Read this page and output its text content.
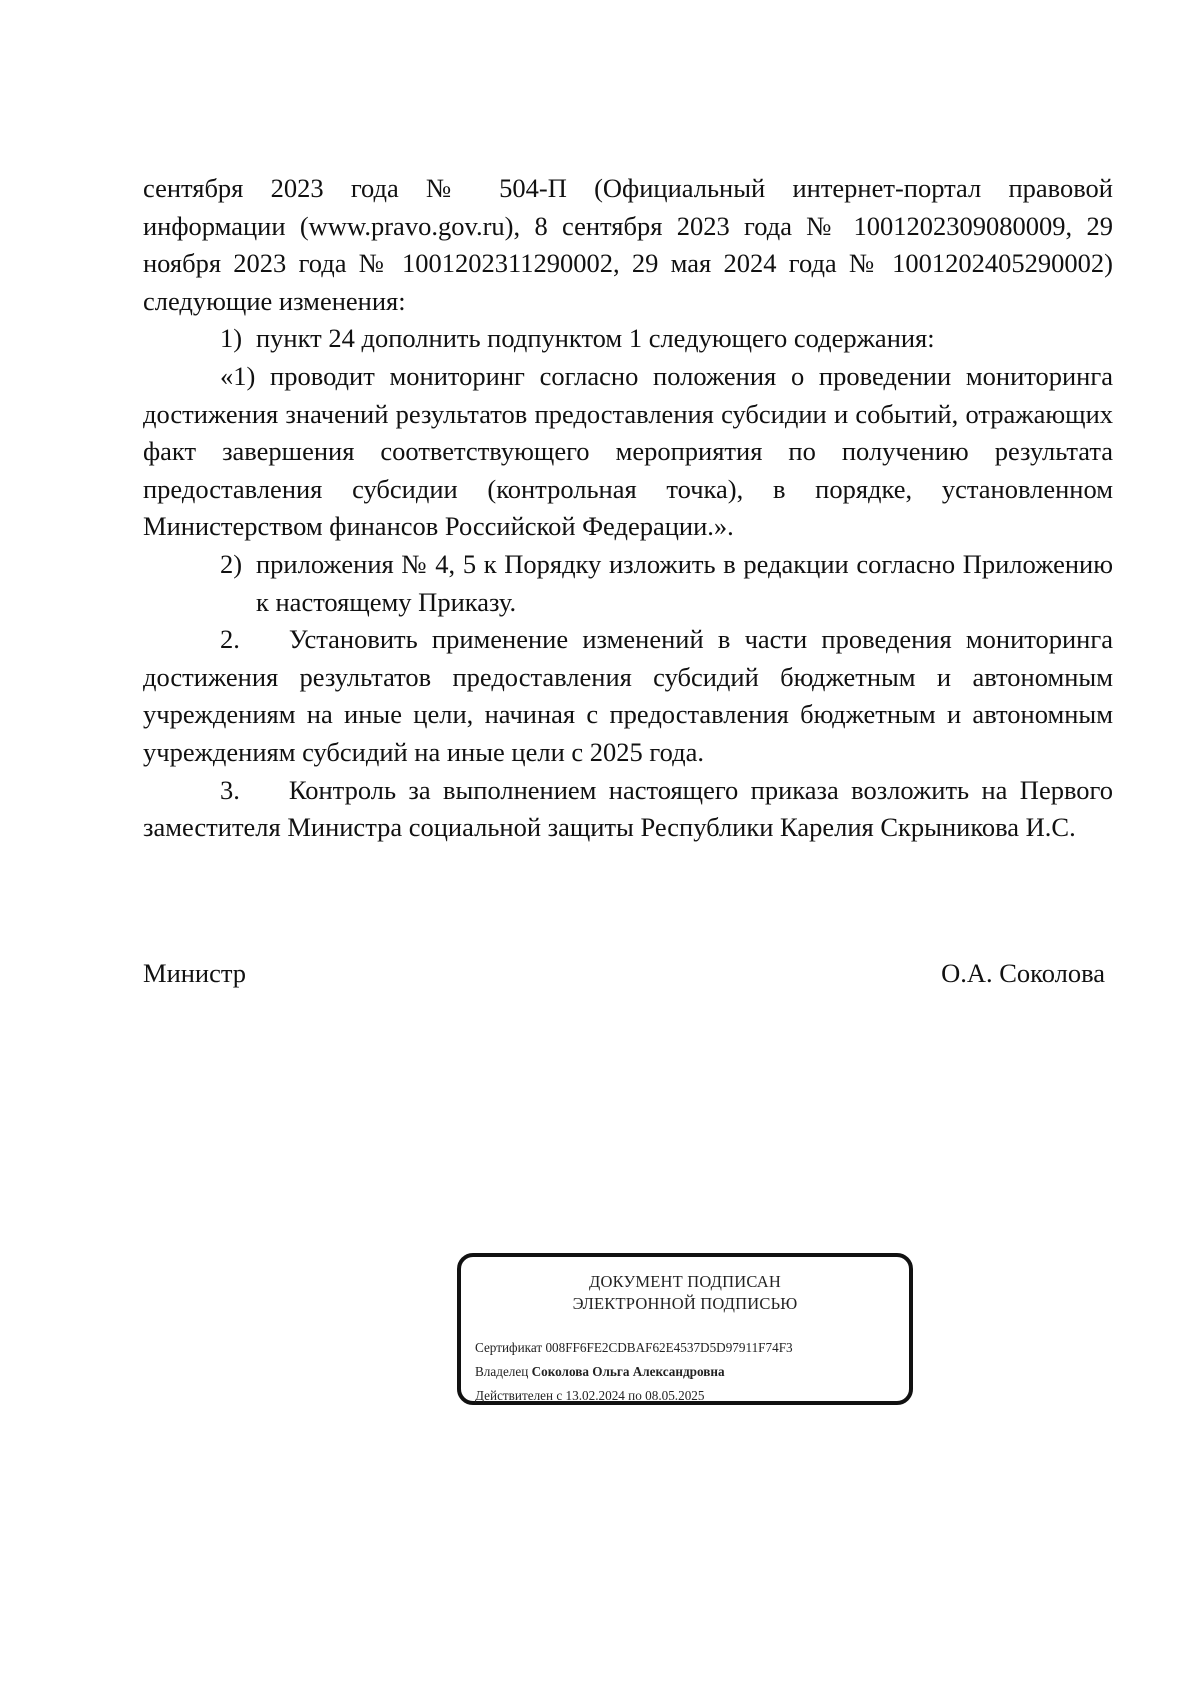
сентября 2023 года № 504-П (Официальный интернет-портал правовой

информации (www.pravo.gov.ru), 8 сентября 2023 года № 1001202309080009, 29

ноября 2023 года № 1001202311290002, 29 мая 2024 года № 1001202405290002)

следующие изменения:

1) пункт 24 дополнить подпунктом 1 следующего содержания:

«1) проводит мониторинг согласно положения о проведении мониторинга достижения значений результатов предоставления субсидии и событий, отражающих факт завершения соответствующего мероприятия по получению результата предоставления субсидии (контрольная точка), в порядке, установленном Министерством финансов Российской Федерации.».

2) приложения № 4, 5 к Порядку изложить в редакции согласно Приложению к настоящему Приказу.

2. Установить применение изменений в части проведения мониторинга достижения результатов предоставления субсидий бюджетным и автономным учреждениям на иные цели, начиная с предоставления бюджетным и автономным учреждениям субсидий на иные цели с 2025 года.

3. Контроль за выполнением настоящего приказа возложить на Первого заместителя Министра социальной защиты Республики Карелия Скрыникова И.С.

Министр	О.А. Соколова
ДОКУМЕНТ ПОДПИСАН
ЭЛЕКТРОННОЙ ПОДПИСЬЮ
Сертификат 008FF6FE2CDBAF62E4537D5D97911F74F3
Владелец Соколова Ольга Александровна
Действителен с 13.02.2024 по 08.05.2025
